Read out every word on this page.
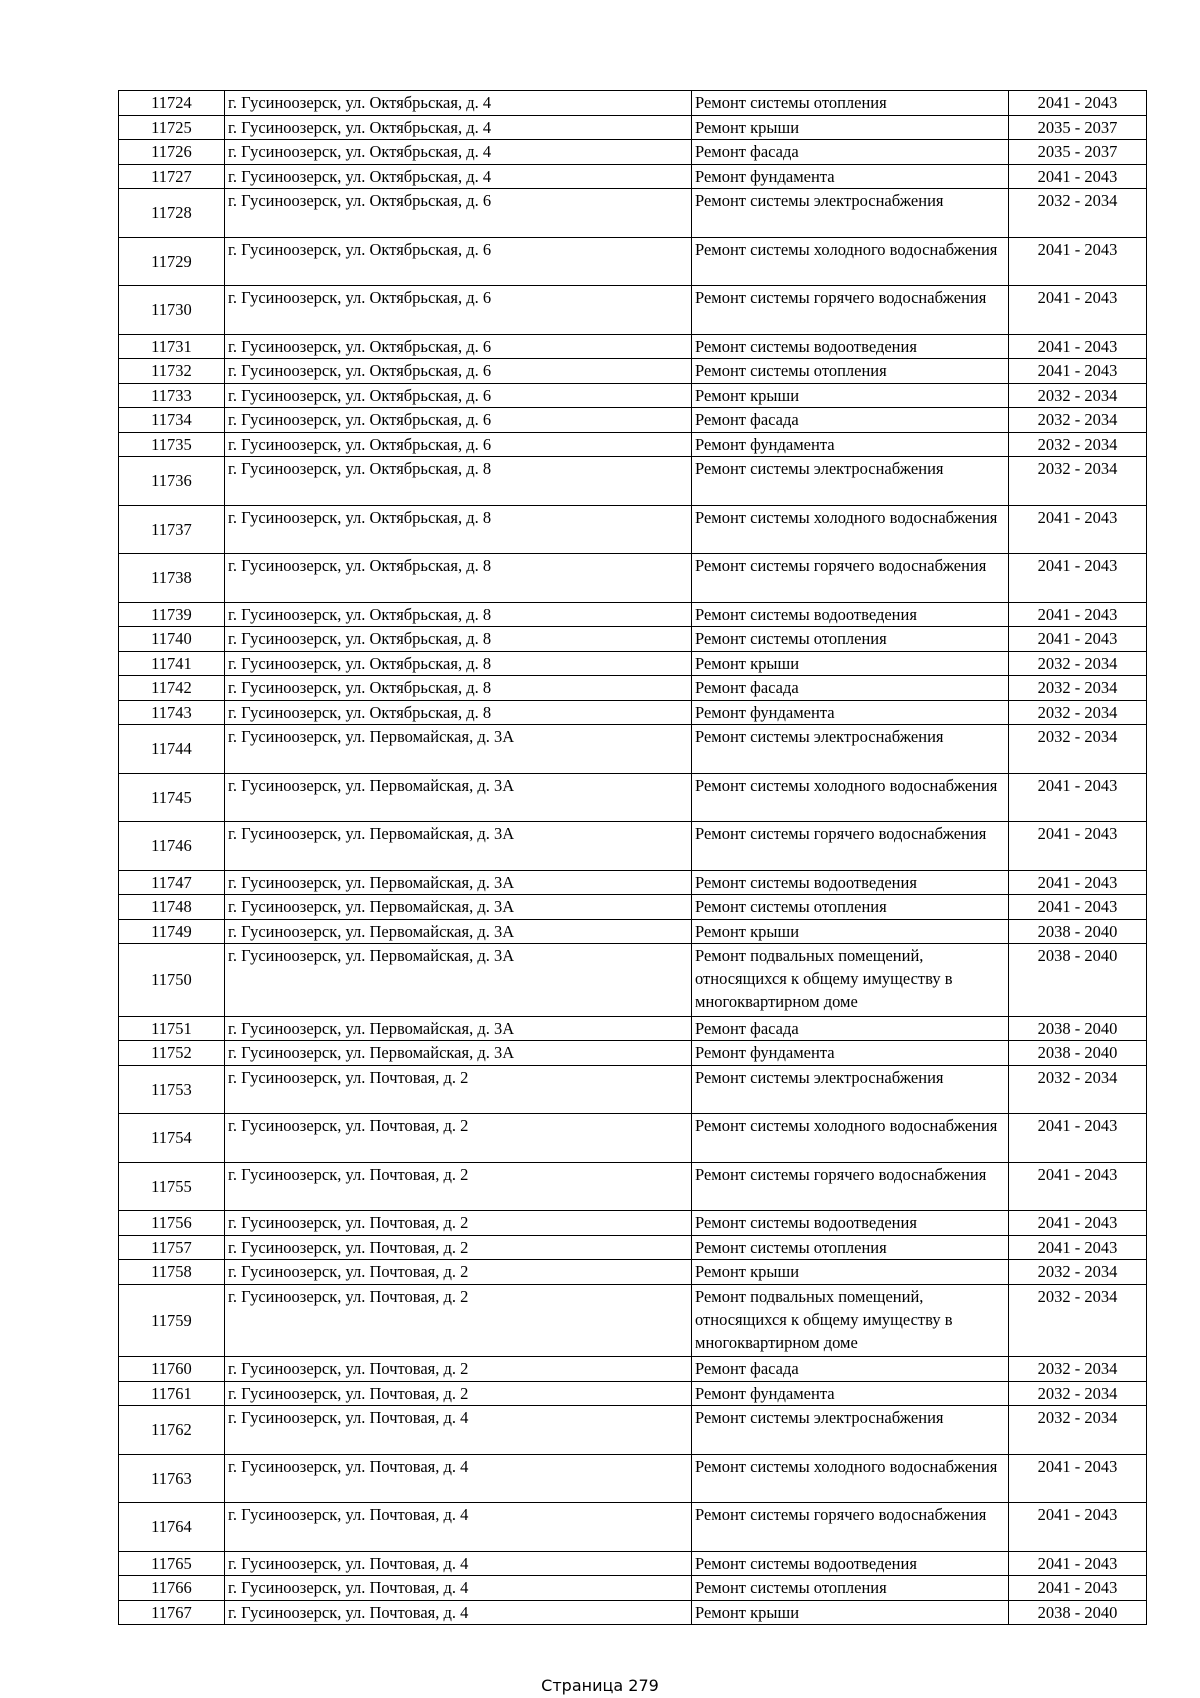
11724	г. Гусиноозерск, ул. Октябрьская, д. 4	Ремонт системы отопления	2041 - 2043
11725	г. Гусиноозерск, ул. Октябрьская, д. 4	Ремонт крыши	2035 - 2037
11726	г. Гусиноозерск, ул. Октябрьская, д. 4	Ремонт фасада	2035 - 2037
11727	г. Гусиноозерск, ул. Октябрьская, д. 4	Ремонт фундамента	2041 - 2043
11728	г. Гусиноозерск, ул. Октябрьская, д. 6	Ремонт системы электроснабжения	2032 - 2034
11729	г. Гусиноозерск, ул. Октябрьская, д. 6	Ремонт системы холодного водоснабжения	2041 - 2043
11730	г. Гусиноозерск, ул. Октябрьская, д. 6	Ремонт системы горячего водоснабжения	2041 - 2043
11731	г. Гусиноозерск, ул. Октябрьская, д. 6	Ремонт системы водоотведения	2041 - 2043
11732	г. Гусиноозерск, ул. Октябрьская, д. 6	Ремонт системы отопления	2041 - 2043
11733	г. Гусиноозерск, ул. Октябрьская, д. 6	Ремонт крыши	2032 - 2034
11734	г. Гусиноозерск, ул. Октябрьская, д. 6	Ремонт фасада	2032 - 2034
11735	г. Гусиноозерск, ул. Октябрьская, д. 6	Ремонт фундамента	2032 - 2034
11736	г. Гусиноозерск, ул. Октябрьская, д. 8	Ремонт системы электроснабжения	2032 - 2034
11737	г. Гусиноозерск, ул. Октябрьская, д. 8	Ремонт системы холодного водоснабжения	2041 - 2043
11738	г. Гусиноозерск, ул. Октябрьская, д. 8	Ремонт системы горячего водоснабжения	2041 - 2043
11739	г. Гусиноозерск, ул. Октябрьская, д. 8	Ремонт системы водоотведения	2041 - 2043
11740	г. Гусиноозерск, ул. Октябрьская, д. 8	Ремонт системы отопления	2041 - 2043
11741	г. Гусиноозерск, ул. Октябрьская, д. 8	Ремонт крыши	2032 - 2034
11742	г. Гусиноозерск, ул. Октябрьская, д. 8	Ремонт фасада	2032 - 2034
11743	г. Гусиноозерск, ул. Октябрьская, д. 8	Ремонт фундамента	2032 - 2034
11744	г. Гусиноозерск, ул. Первомайская, д. 3А	Ремонт системы электроснабжения	2032 - 2034
11745	г. Гусиноозерск, ул. Первомайская, д. 3А	Ремонт системы холодного водоснабжения	2041 - 2043
11746	г. Гусиноозерск, ул. Первомайская, д. 3А	Ремонт системы горячего водоснабжения	2041 - 2043
11747	г. Гусиноозерск, ул. Первомайская, д. 3А	Ремонт системы водоотведения	2041 - 2043
11748	г. Гусиноозерск, ул. Первомайская, д. 3А	Ремонт системы отопления	2041 - 2043
11749	г. Гусиноозерск, ул. Первомайская, д. 3А	Ремонт крыши	2038 - 2040
11750	г. Гусиноозерск, ул. Первомайская, д. 3А	Ремонт подвальных помещений, относящихся к общему имуществу в многоквартирном доме	2038 - 2040
11751	г. Гусиноозерск, ул. Первомайская, д. 3А	Ремонт фасада	2038 - 2040
11752	г. Гусиноозерск, ул. Первомайская, д. 3А	Ремонт фундамента	2038 - 2040
11753	г. Гусиноозерск, ул. Почтовая, д. 2	Ремонт системы электроснабжения	2032 - 2034
11754	г. Гусиноозерск, ул. Почтовая, д. 2	Ремонт системы холодного водоснабжения	2041 - 2043
11755	г. Гусиноозерск, ул. Почтовая, д. 2	Ремонт системы горячего водоснабжения	2041 - 2043
11756	г. Гусиноозерск, ул. Почтовая, д. 2	Ремонт системы водоотведения	2041 - 2043
11757	г. Гусиноозерск, ул. Почтовая, д. 2	Ремонт системы отопления	2041 - 2043
11758	г. Гусиноозерск, ул. Почтовая, д. 2	Ремонт крыши	2032 - 2034
11759	г. Гусиноозерск, ул. Почтовая, д. 2	Ремонт подвальных помещений, относящихся к общему имуществу в многоквартирном доме	2032 - 2034
11760	г. Гусиноозерск, ул. Почтовая, д. 2	Ремонт фасада	2032 - 2034
11761	г. Гусиноозерск, ул. Почтовая, д. 2	Ремонт фундамента	2032 - 2034
11762	г. Гусиноозерск, ул. Почтовая, д. 4	Ремонт системы электроснабжения	2032 - 2034
11763	г. Гусиноозерск, ул. Почтовая, д. 4	Ремонт системы холодного водоснабжения	2041 - 2043
11764	г. Гусиноозерск, ул. Почтовая, д. 4	Ремонт системы горячего водоснабжения	2041 - 2043
11765	г. Гусиноозерск, ул. Почтовая, д. 4	Ремонт системы водоотведения	2041 - 2043
11766	г. Гусиноозерск, ул. Почтовая, д. 4	Ремонт системы отопления	2041 - 2043
11767	г. Гусиноозерск, ул. Почтовая, д. 4	Ремонт крыши	2038 - 2040
Страница 279
